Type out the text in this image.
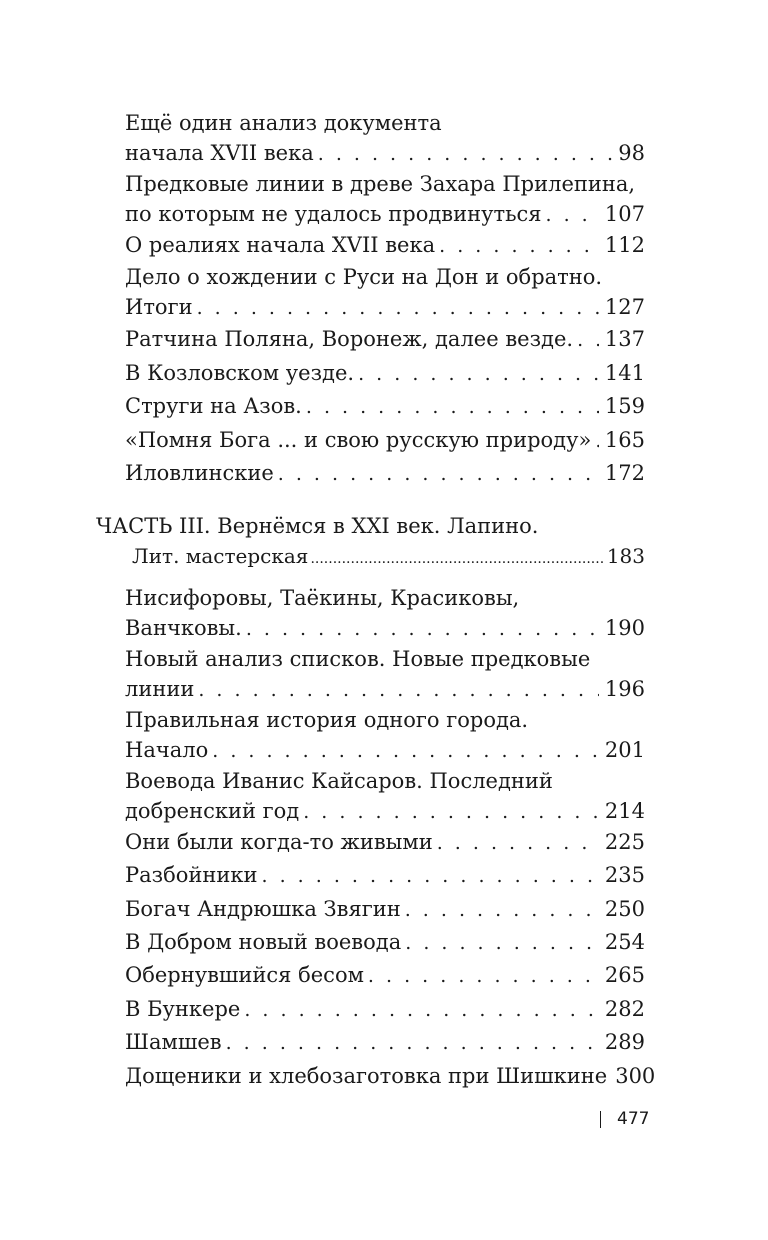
Ещё один анализ документа
начала XVII века . . .	98
Предковые линии в древе Захара Прилепина,
по которым не удалось продвинуться . . .	107
О реалиях начала XVII века . . .	112
Дело о хождении с Руси на Дон и обратно.
Итоги . . .	127
Ратчина Поляна, Воронеж, далее везде. . . . 137
В Козловском уезде. . . .	141
Струги на Азов. . . .	159
«Помня Бога ... и свою русскую природу» . . . 165
Иловлинские . . .	172
ЧАСТЬ III. Вернёмся в XXI век. Лапино.
Лит. мастерская .....	183
Нисифоровы, Таёкины, Красиковы,
Ванчковы. . . .	190
Новый анализ списков. Новые предковые
линии . . .	196
Правильная история одного города.
Начало . . .	201
Воевода Иванис Кайсаров. Последний
добренский год . . .	214
Они были когда-то живыми . . .	225
Разбойники . . .	235
Богач Андрюшка Звягин . . .	250
В Добром новый воевода . . .	254
Обернувшийся бесом . . .	265
В Бункере . . .	282
Шамшев . . .	289
Дощеники и хлебозаготовка при Шишкине 300
477
